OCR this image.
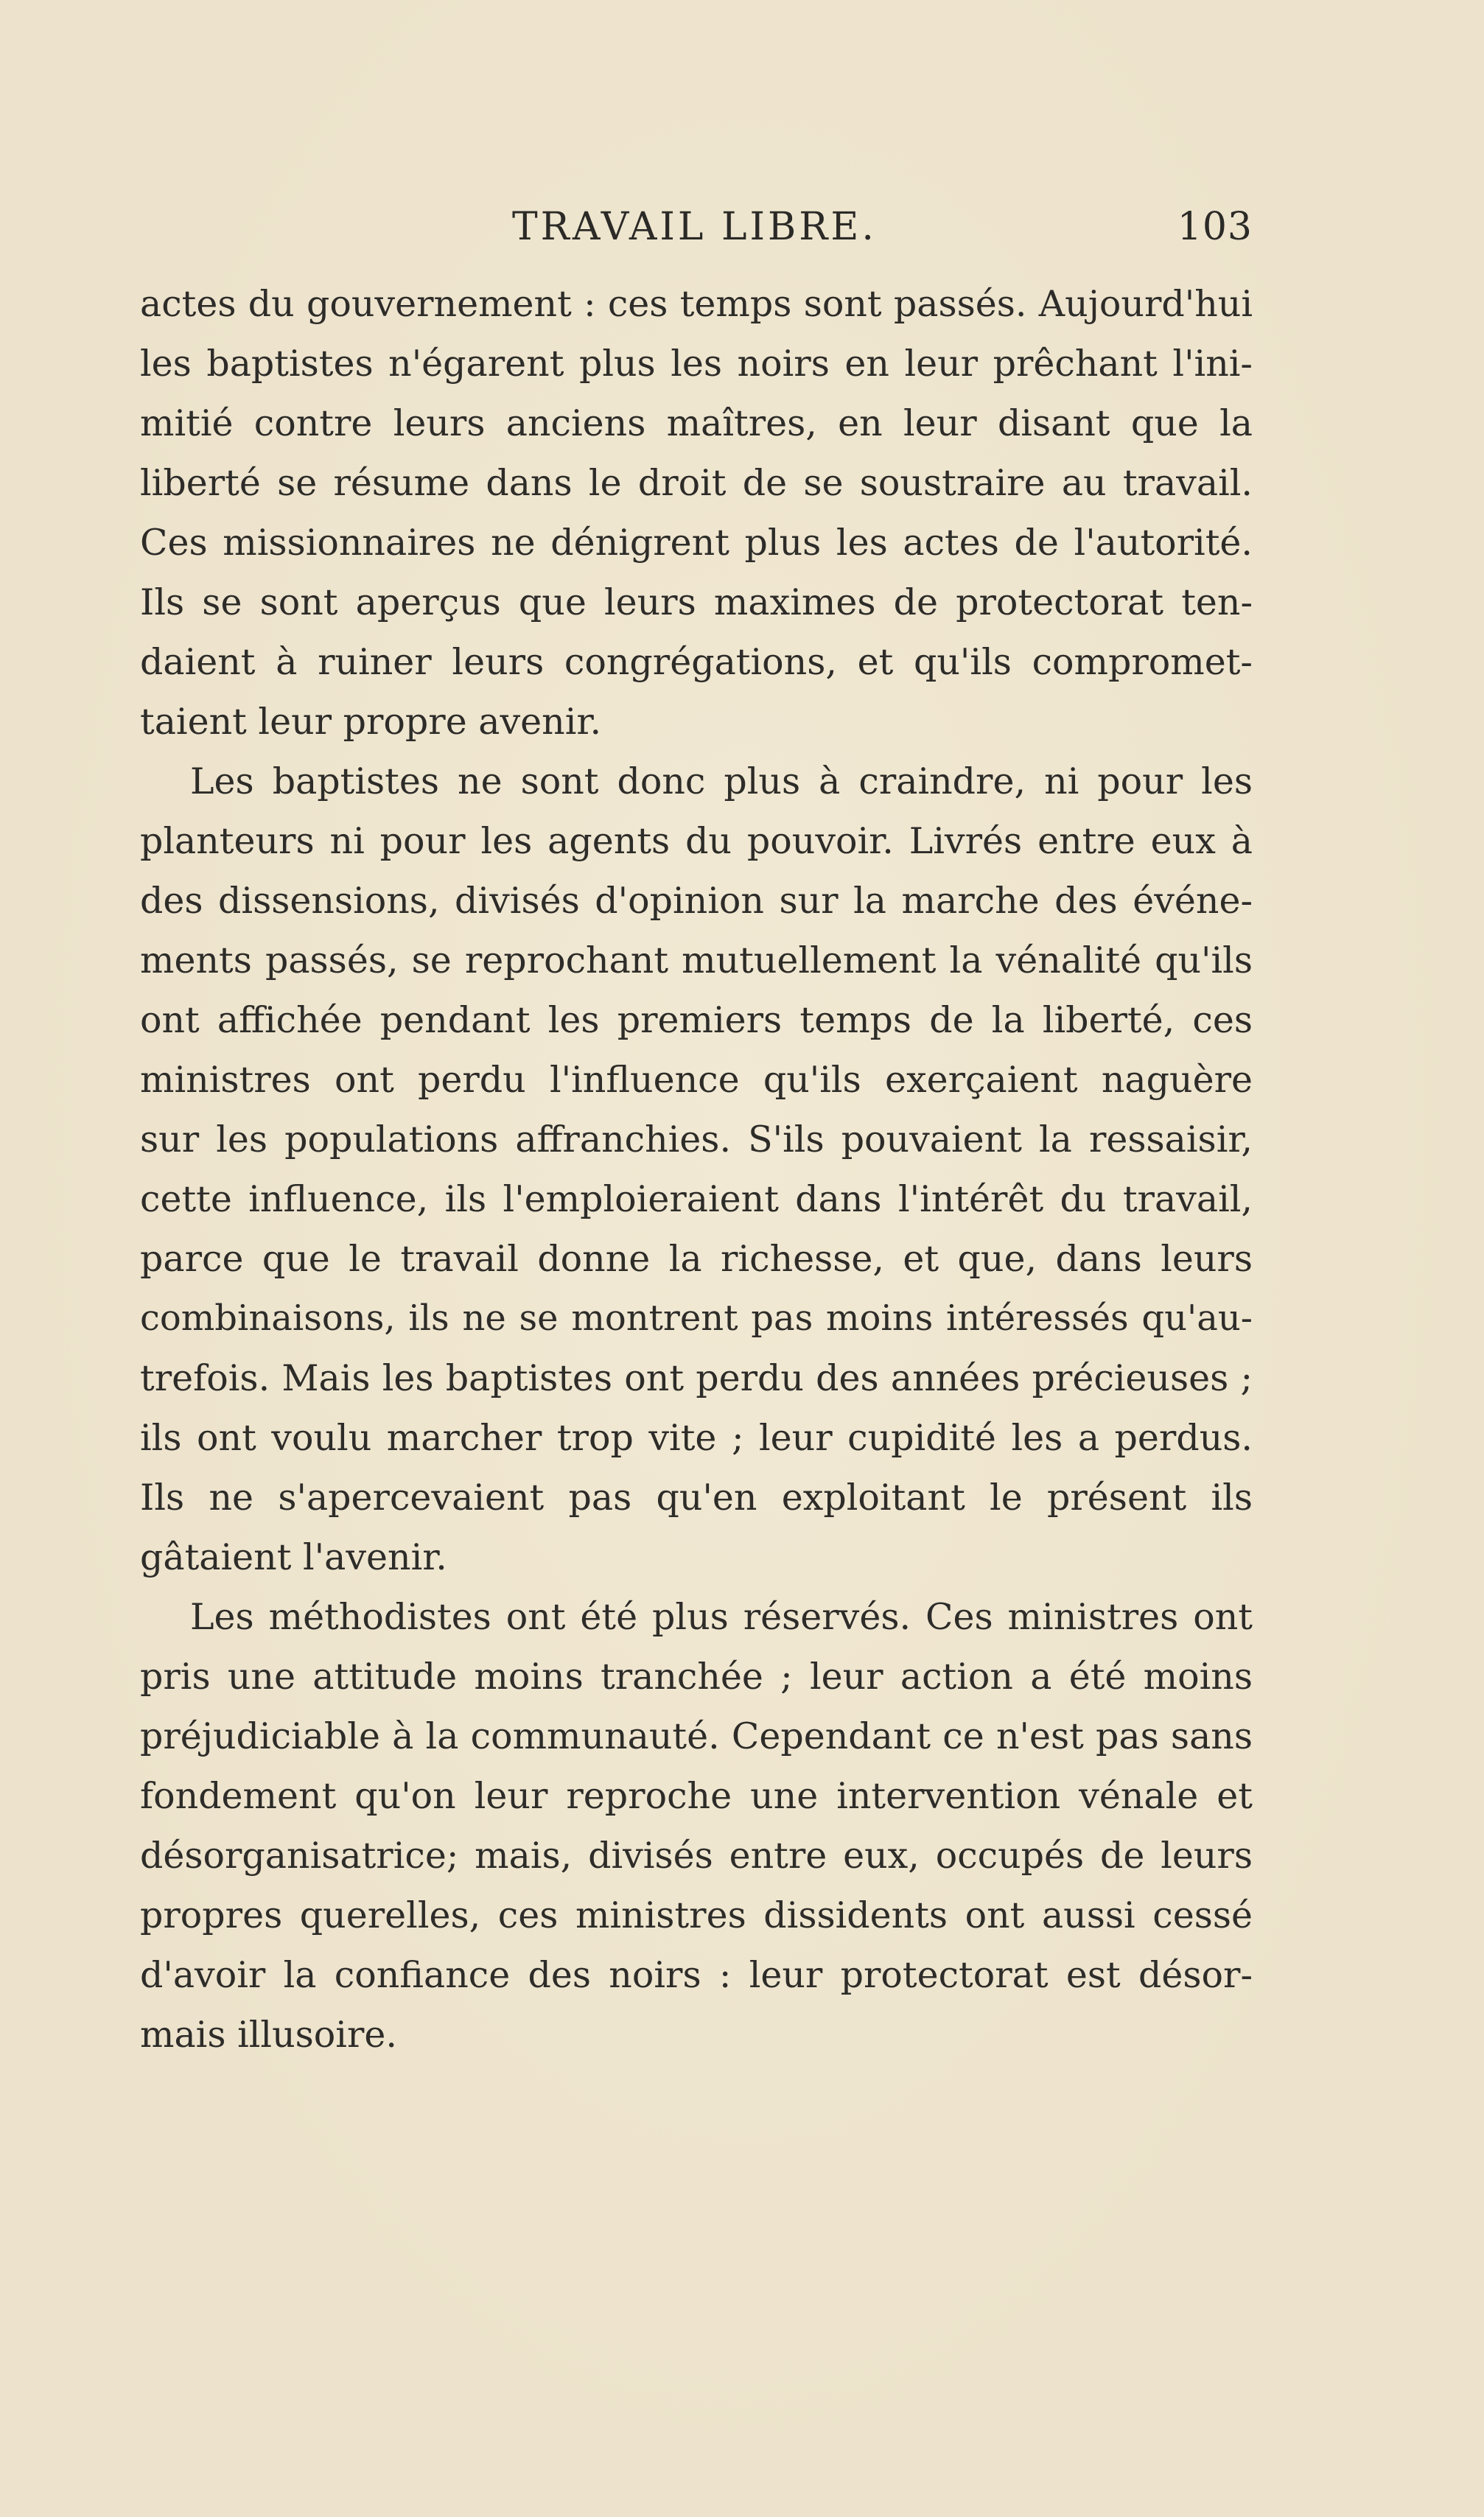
TRAVAIL LIBRE.	103
actes du gouvernement : ces temps sont passés. Aujourd'hui
les baptistes n'égarent plus les noirs en leur prêchant l'ini-
mitié contre leurs anciens maîtres, en leur disant que la
liberté se résume dans le droit de se soustraire au travail.
Ces missionnaires ne dénigrent plus les actes de l'autorité.
Ils se sont aperçus que leurs maximes de protectorat ten-
daient à ruiner leurs congrégations, et qu'ils compromet-
taient leur propre avenir.
Les baptistes ne sont donc plus à craindre, ni pour les
planteurs ni pour les agents du pouvoir. Livrés entre eux à
des dissensions, divisés d'opinion sur la marche des événe-
ments passés, se reprochant mutuellement la vénalité qu'ils
ont affichée pendant les premiers temps de la liberté, ces
ministres ont perdu l'influence qu'ils exerçaient naguère
sur les populations affranchies. S'ils pouvaient la ressaisir,
cette influence, ils l'emploieraient dans l'intérêt du travail,
parce que le travail donne la richesse, et que, dans leurs
combinaisons, ils ne se montrent pas moins intéressés qu'au-
trefois. Mais les baptistes ont perdu des années précieuses ;
ils ont voulu marcher trop vite ; leur cupidité les a perdus.
Ils ne s'apercevaient pas qu'en exploitant le présent ils
gâtaient l'avenir.
Les méthodistes ont été plus réservés. Ces ministres ont
pris une attitude moins tranchée ; leur action a été moins
préjudiciable à la communauté. Cependant ce n'est pas sans
fondement qu'on leur reproche une intervention vénale et
désorganisatrice; mais, divisés entre eux, occupés de leurs
propres querelles, ces ministres dissidents ont aussi cessé
d'avoir la confiance des noirs : leur protectorat est désor-
mais illusoire.
